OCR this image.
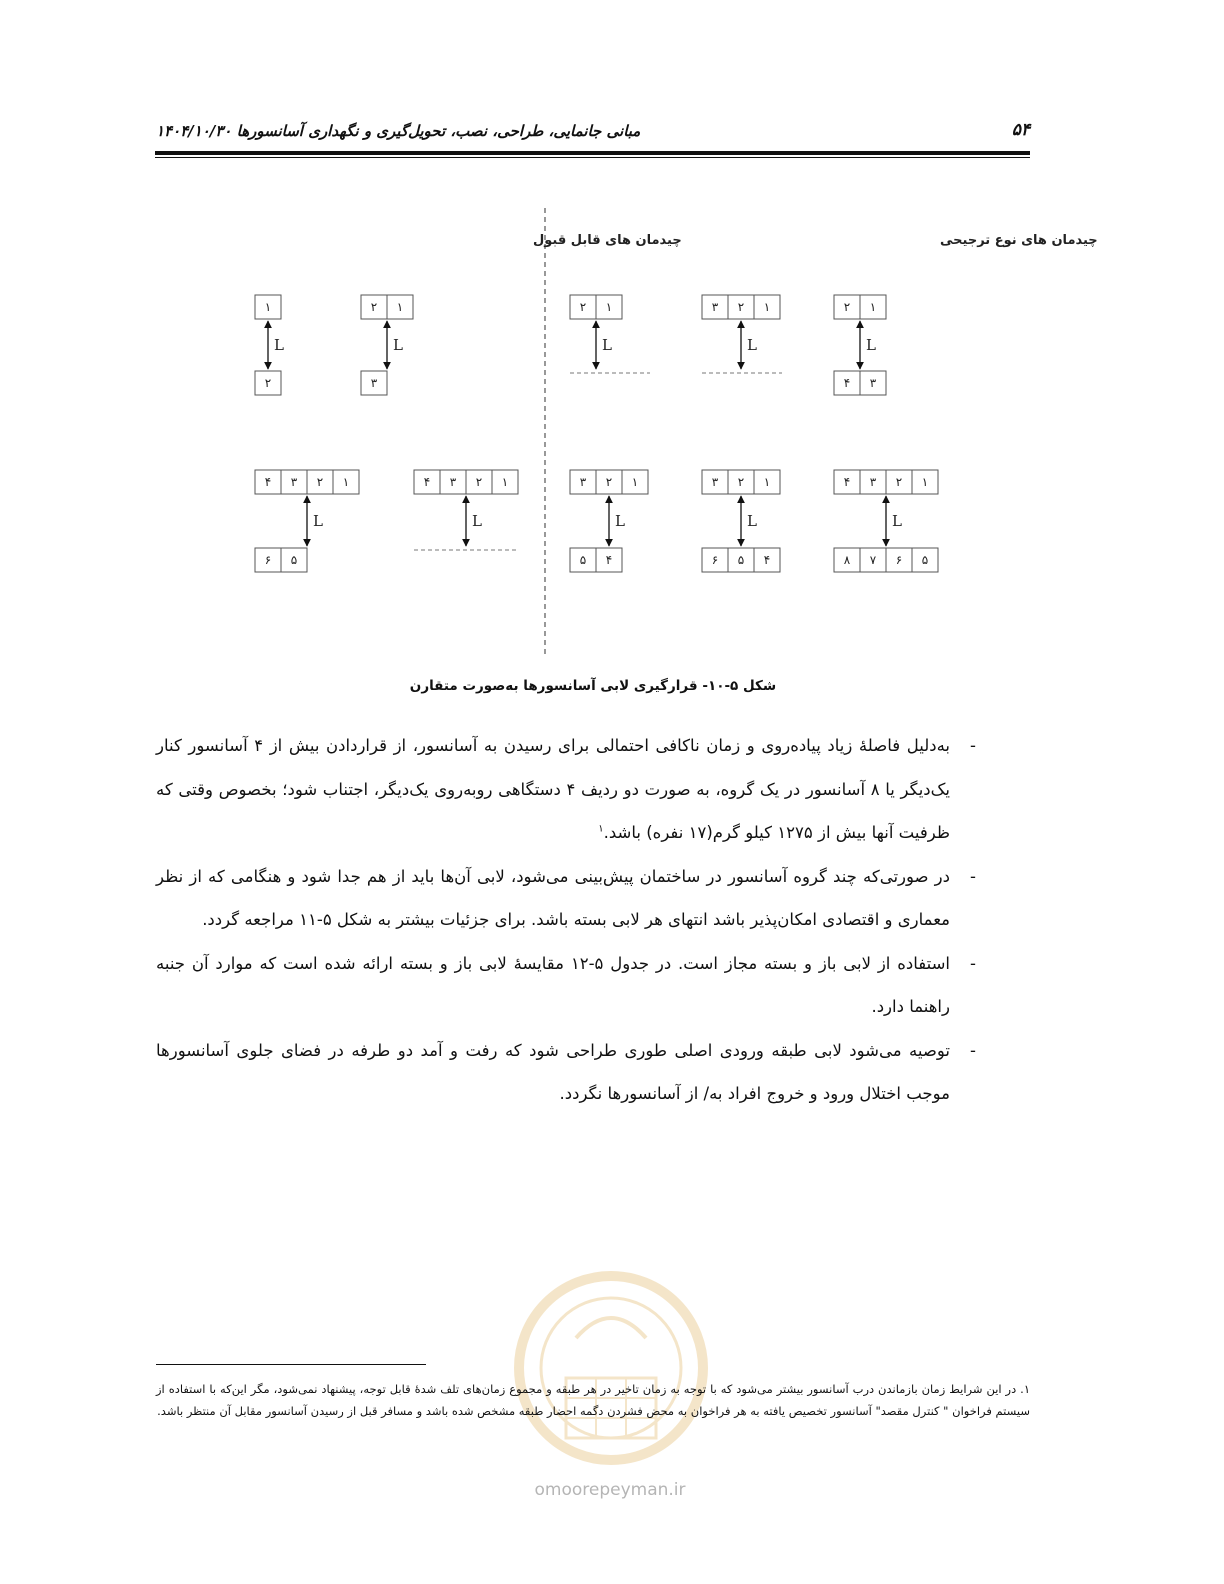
۵۴
مبانی جانمایی، طراحی، نصب، تحویل‌گیری و نگهداری آسانسورها ۱۴۰۴/۱۰/۳۰
چیدمان های قابل قبول	چیدمان های نوع ترجیحی
۱
L
۲
۲ ۱
L
۳
۲ ۱
L
۳ ۲ ۱
L
۲ ۱
L
۴ ۳
۴ ۳ ۲ ۱
L
۶ ۵
۴ ۳ ۲ ۱
L
۳ ۲ ۱
L
۵ ۴
۳ ۲ ۱
L
۶ ۵ ۴
۴ ۳ ۲ ۱
L
۸ ۷ ۶ ۵
شکل ۵-۱۰- قرارگیری لابی آسانسورها به‌صورت متقارن
-

به‌دلیل فاصلهٔ زیاد پیاده‌روی و زمان ناکافی احتمالی برای رسیدن به آسانسور، از قراردادن بیش از ۴ آسانسور کنار یک‌دیگر یا ۸ آسانسور در یک گروه، به صورت دو ردیف ۴ دستگاهی روبه‌روی یک‌دیگر، اجتناب شود؛ بخصوص وقتی که ظرفیت آنها بیش از ۱۲۷۵ کیلو گرم(۱۷ نفره) باشد.$^۱$

-

در صورتی‌که چند گروه آسانسور در ساختمان پیش‌بینی می‌شود، لابی آن‌ها باید از هم جدا شود و هنگامی که از نظر معماری و اقتصادی امکان‌پذیر باشد انتهای هر لابی بسته باشد. برای جزئیات بیشتر به شکل ۵-۱۱ مراجعه گردد.

-

استفاده از لابی باز و بسته مجاز است. در جدول ۵-۱۲ مقایسهٔ لابی باز و بسته ارائه شده است که موارد آن جنبه راهنما دارد.

-

توصیه می‌شود لابی طبقه ورودی اصلی طوری طراحی شود که رفت و آمد دو طرفه در فضای جلوی آسانسورها موجب اختلال ورود و خروج افراد به/ از آسانسورها نگردد.

omoorepeyman.ir
۱. در این شرایط زمان بازماندن درب آسانسور بیشتر می‌شود که با توجه به زمان تاخیر در هر طبقه و مجموع زمان‌های تلف شدهٔ قابل توجه، پیشنهاد نمی‌شود، مگر این‌که با استفاده از سیستم فراخوان " کنترل مقصد" آسانسور تخصیص یافته به هر فراخوان به محض فشردن دگمه احضار طبقه مشخص شده باشد و مسافر قبل از رسیدن آسانسور مقابل آن منتظر باشد.
